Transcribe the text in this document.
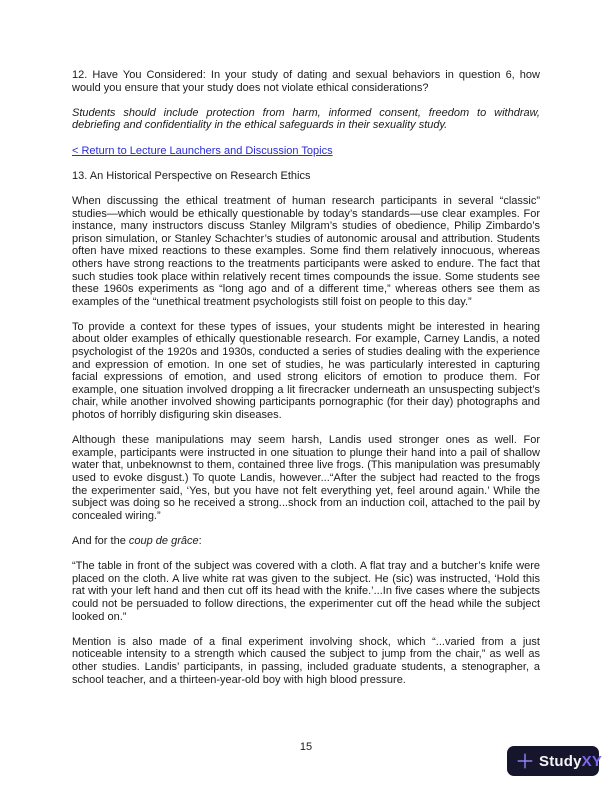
12. Have You Considered: In your study of dating and sexual behaviors in question 6, how would you ensure that your study does not violate ethical considerations?

Students should include protection from harm, informed consent, freedom to withdraw, debriefing and confidentiality in the ethical safeguards in their sexuality study.

< Return to Lecture Launchers and Discussion Topics

13. An Historical Perspective on Research Ethics

When discussing the ethical treatment of human research participants in several “classic” studies—which would be ethically questionable by today’s standards—use clear examples. For instance, many instructors discuss Stanley Milgram’s studies of obedience, Philip Zimbardo’s prison simulation, or Stanley Schachter’s studies of autonomic arousal and attribution. Students often have mixed reactions to these examples. Some find them relatively innocuous, whereas others have strong reactions to the treatments participants were asked to endure. The fact that such studies took place within relatively recent times compounds the issue. Some students see these 1960s experiments as “long ago and of a different time,” whereas others see them as examples of the “unethical treatment psychologists still foist on people to this day.”

To provide a context for these types of issues, your students might be interested in hearing about older examples of ethically questionable research. For example, Carney Landis, a noted psychologist of the 1920s and 1930s, conducted a series of studies dealing with the experience and expression of emotion. In one set of studies, he was particularly interested in capturing facial expressions of emotion, and used strong elicitors of emotion to produce them. For example, one situation involved dropping a lit firecracker underneath an unsuspecting subject’s chair, while another involved showing participants pornographic (for their day) photographs and photos of horribly disfiguring skin diseases.

Although these manipulations may seem harsh, Landis used stronger ones as well. For example, participants were instructed in one situation to plunge their hand into a pail of shallow water that, unbeknownst to them, contained three live frogs. (This manipulation was presumably used to evoke disgust.) To quote Landis, however...“After the subject had reacted to the frogs the experimenter said, ‘Yes, but you have not felt everything yet, feel around again.’ While the subject was doing so he received a strong...shock from an induction coil, attached to the pail by concealed wiring.”

And for the coup de grâce:

“The table in front of the subject was covered with a cloth. A flat tray and a butcher’s knife were placed on the cloth. A live white rat was given to the subject. He (sic) was instructed, ‘Hold this rat with your left hand and then cut off its head with the knife.’...In five cases where the subjects could not be persuaded to follow directions, the experimenter cut off the head while the subject looked on.”

Mention is also made of a final experiment involving shock, which “...varied from a just noticeable intensity to a strength which caused the subject to jump from the chair,” as well as other studies. Landis’ participants, in passing, included graduate students, a stenographer, a school teacher, and a thirteen-year-old boy with high blood pressure.

15
StudyXY
